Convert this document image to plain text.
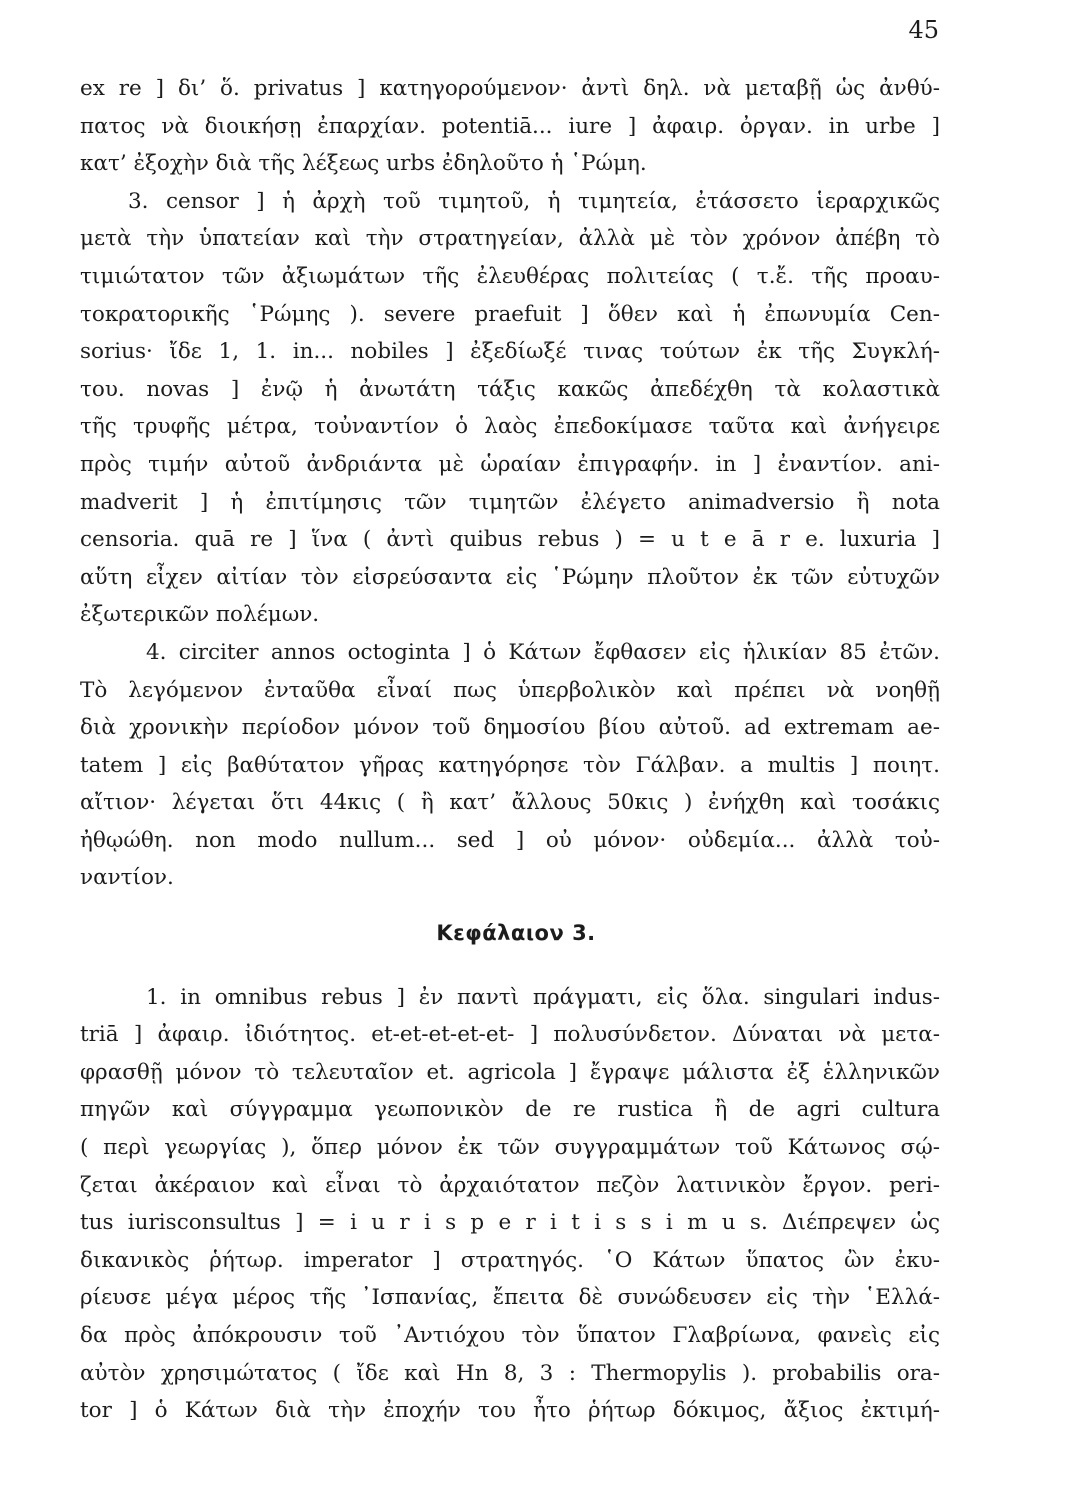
45
ex re ] δι’ ὅ. privatus ] κατηγορούμενον· ἀντὶ δηλ. νὰ μεταβῇ ὡς ἀνθύ-
πατος νὰ διοικήσῃ ἐπαρχίαν. potentiā... iure ] ἀφαιρ. ὀργαν. in urbe ]
κατ’ ἐξοχὴν διὰ τῆς λέξεως urbs ἐδηλοῦτο ἡ ῾Ρώμη.
3. censor ] ἡ ἀρχὴ τοῦ τιμητοῦ, ἡ τιμητεία, ἐτάσσετο ἱεραρχικῶς
μετὰ τὴν ὑπατείαν καὶ τὴν στρατηγείαν, ἀλλὰ μὲ τὸν χρόνον ἀπέβη τὸ
τιμιώτατον τῶν ἀξιωμάτων τῆς ἐλευθέρας πολιτείας ( τ.ἔ. τῆς προαυ-
τοκρατορικῆς ῾Ρώμης ). severe praefuit ] ὅθεν καὶ ἡ ἐπωνυμία Cen-
sorius· ἴδε 1, 1. in... nobiles ] ἐξεδίωξέ τινας τούτων ἐκ τῆς Συγκλή-
του. novas ] ἐνῷ ἡ ἀνωτάτη τάξις κακῶς ἀπεδέχθη τὰ κολαστικὰ
τῆς τρυφῆς μέτρα, τοὐναντίον ὁ λαὸς ἐπεδοκίμασε ταῦτα καὶ ἀνήγειρε
πρὸς τιμήν αὐτοῦ ἀνδριάντα μὲ ὡραίαν ἐπιγραφήν. in ] ἐναντίον. ani-
madverit ] ἡ ἐπιτίμησις τῶν τιμητῶν ἐλέγετο animadversio ἢ nota
censoria. quā re ] ἵνα ( ἀντὶ quibus rebus ) = u t e ā r e. luxuria ]
αὕτη εἶχεν αἰτίαν τὸν εἰσρεύσαντα εἰς ῾Ρώμην πλοῦτον ἐκ τῶν εὐτυχῶν
ἐξωτερικῶν πολέμων.
4. circiter annos octoginta ] ὁ Κάτων ἔφθασεν εἰς ἡλικίαν 85 ἐτῶν.
Τὸ λεγόμενον ἐνταῦθα εἶναί πως ὑπερβολικὸν καὶ πρέπει νὰ νοηθῇ
διὰ χρονικὴν περίοδον μόνον τοῦ δημοσίου βίου αὐτοῦ. ad extremam ae-
tatem ] εἰς βαθύτατον γῆρας κατηγόρησε τὸν Γάλβαν. a multis ] ποιητ.
αἴτιον· λέγεται ὅτι 44κις ( ἢ κατ’ ἄλλους 50κις ) ἐνήχθη καὶ τοσάκις
ἠθῳώθη. non modo nullum... sed ] οὐ μόνον· οὐδεμία... ἀλλὰ τοὐ-
ναντίον.
Κεφάλαιον 3.
1. in omnibus rebus ] ἐν παντὶ πράγματι, εἰς ὅλα. singulari indus-
triā ] ἀφαιρ. ἰδιότητος. et-et-et-et-et- ] πολυσύνδετον. Δύναται νὰ μετα-
φρασθῇ μόνον τὸ τελευταῖον et. agricola ] ἔγραψε μάλιστα ἐξ ἑλληνικῶν
πηγῶν καὶ σύγγραμμα γεωπονικὸν de re rustica ἢ de agri cultura
( περὶ γεωργίας ), ὅπερ μόνον ἐκ τῶν συγγραμμάτων τοῦ Κάτωνος σῴ-
ζεται ἀκέραιον καὶ εἶναι τὸ ἀρχαιότατον πεζὸν λατινικὸν ἔργον. peri-
tus iurisconsultus ] = i u r i s p e r i t i s s i m u s. Διέπρεψεν ὡς
δικανικὸς ῥήτωρ. imperator ] στρατηγός. ῾Ο Κάτων ὕπατος ὢν ἐκυ-
ρίευσε μέγα μέρος τῆς ᾿Ισπανίας, ἔπειτα δὲ συνώδευσεν εἰς τὴν ῾Ελλά-
δα πρὸς ἀπόκρουσιν τοῦ ᾿Αντιόχου τὸν ὕπατον Γλαβρίωνα, φανεὶς εἰς
αὐτὸν χρησιμώτατος ( ἴδε καὶ Hn 8, 3 : Thermopylis ). probabilis ora-
tor ] ὁ Κάτων διὰ τὴν ἐποχήν του ἦτο ῥήτωρ δόκιμος, ἄξιος ἐκτιμή-
